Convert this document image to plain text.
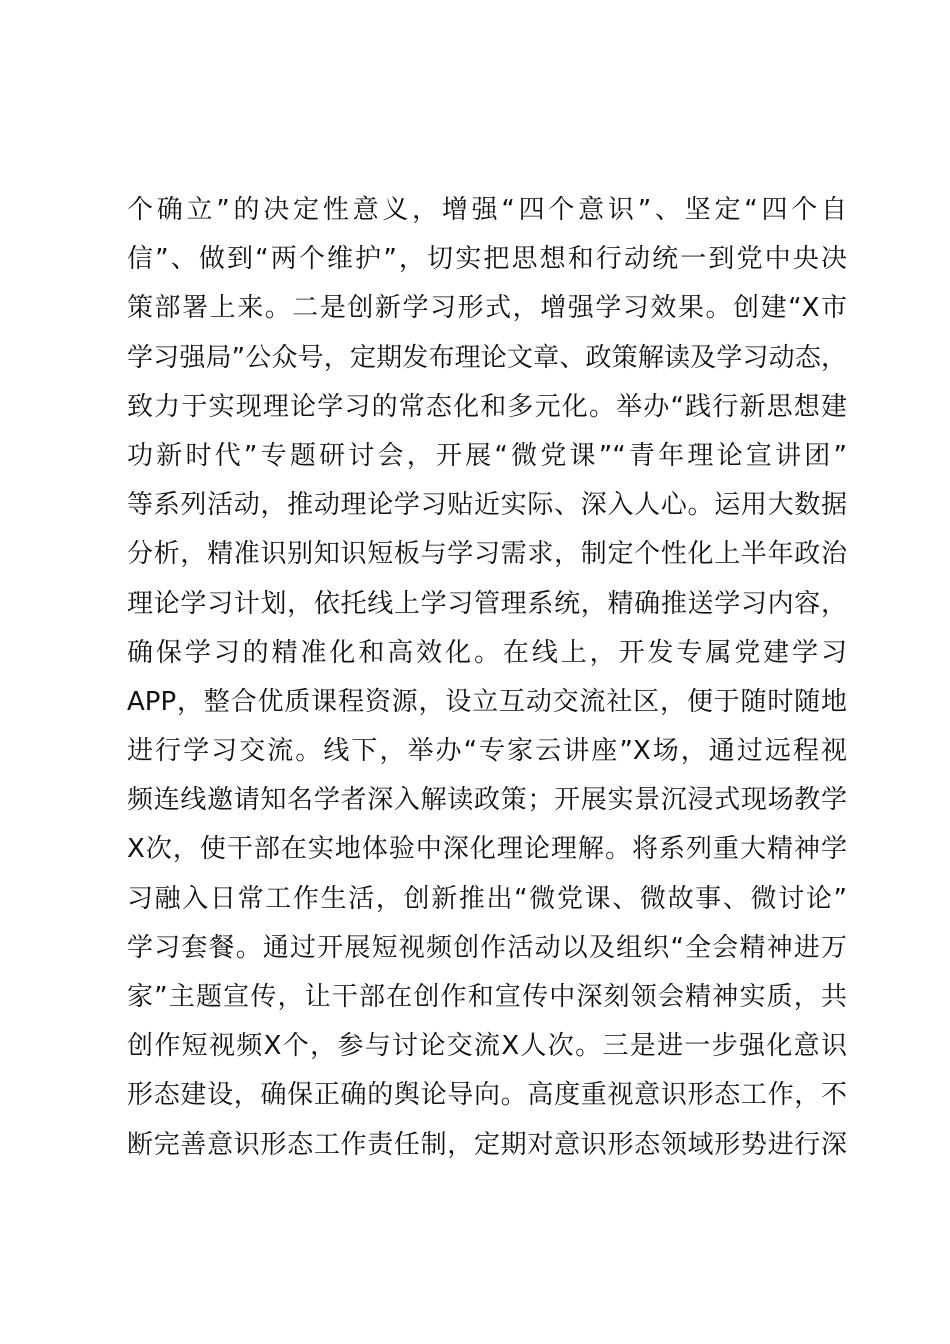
个确立”的决定性意义，增强“四个意识”、坚定“四个自
信”、做到“两个维护”，切实把思想和行动统一到党中央决
策部署上来。二是创新学习形式，增强学习效果。创建“X市
学习强局”公众号，定期发布理论文章、政策解读及学习动态，
致力于实现理论学习的常态化和多元化。举办“践行新思想建
功新时代”专题研讨会，开展“微党课”“青年理论宣讲团”
等系列活动，推动理论学习贴近实际、深入人心。运用大数据
分析，精准识别知识短板与学习需求，制定个性化上半年政治
理论学习计划，依托线上学习管理系统，精确推送学习内容，
确保学习的精准化和高效化。在线上，开发专属党建学习
APP，整合优质课程资源，设立互动交流社区，便于随时随地
进行学习交流。线下，举办“专家云讲座”X场，通过远程视
频连线邀请知名学者深入解读政策；开展实景沉浸式现场教学
X次，使干部在实地体验中深化理论理解。将系列重大精神学
习融入日常工作生活，创新推出“微党课、微故事、微讨论”
学习套餐。通过开展短视频创作活动以及组织“全会精神进万
家”主题宣传，让干部在创作和宣传中深刻领会精神实质，共
创作短视频X个，参与讨论交流X人次。三是进一步强化意识
形态建设，确保正确的舆论导向。高度重视意识形态工作，不
断完善意识形态工作责任制，定期对意识形态领域形势进行深
